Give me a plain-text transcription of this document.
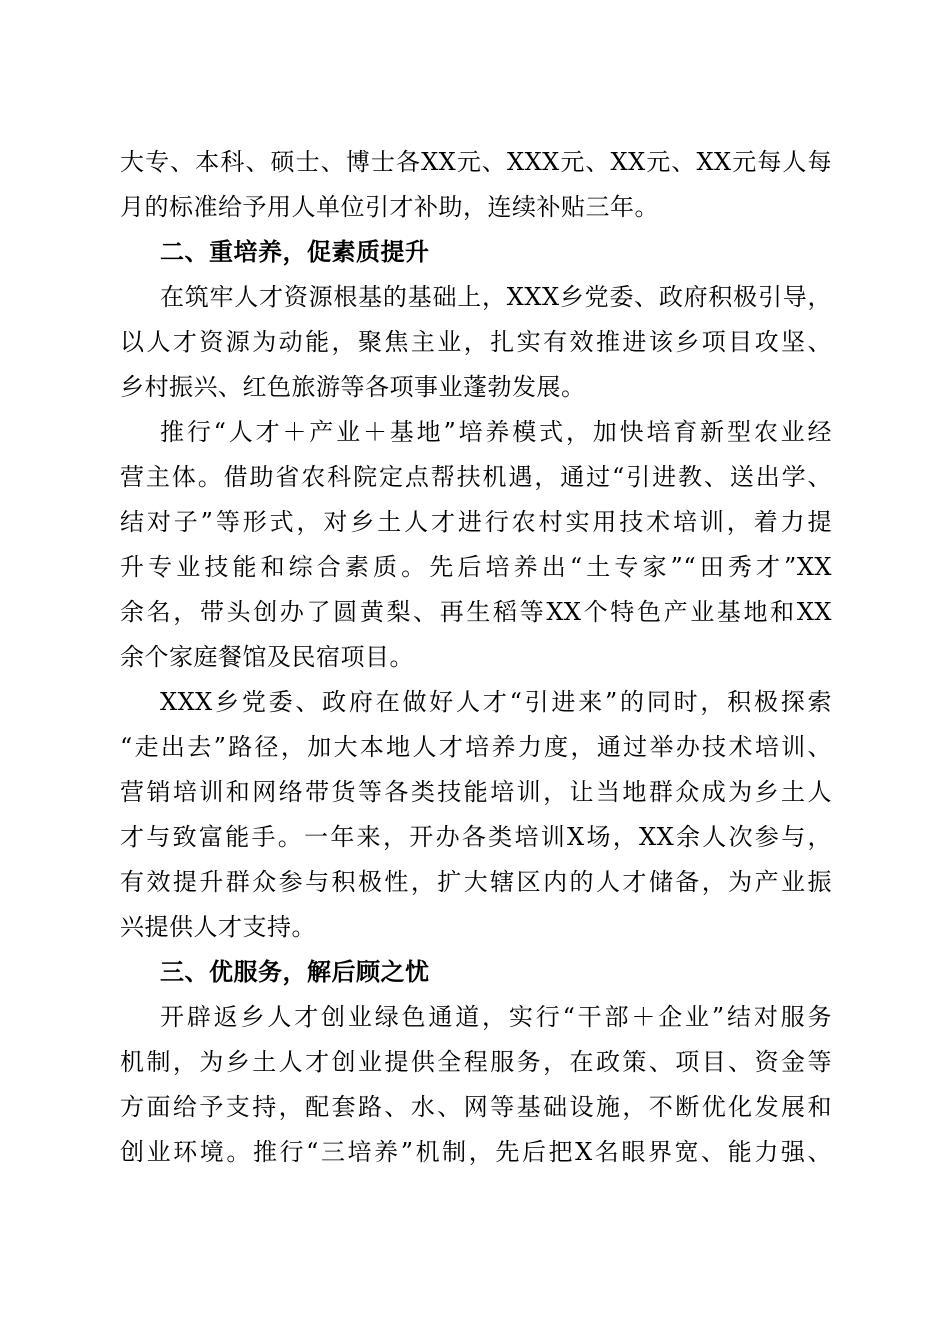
大专、本科、硕士、博士各XX元、XXX元、XX元、XX元每人每
月的标准给予用人单位引才补助，连续补贴三年。
二、重培养，促素质提升
在筑牢人才资源根基的基础上，XXX乡党委、政府积极引导，
以人才资源为动能，聚焦主业，扎实有效推进该乡项目攻坚、
乡村振兴、红色旅游等各项事业蓬勃发展。
推行“人才＋产业＋基地”培养模式，加快培育新型农业经
营主体。借助省农科院定点帮扶机遇，通过“引进教、送出学、
结对子”等形式，对乡土人才进行农村实用技术培训，着力提
升专业技能和综合素质。先后培养出“土专家”“田秀才”XX
余名，带头创办了圆黄梨、再生稻等XX个特色产业基地和XX
余个家庭餐馆及民宿项目。
XXX乡党委、政府在做好人才“引进来”的同时，积极探索
“走出去”路径，加大本地人才培养力度，通过举办技术培训、
营销培训和网络带货等各类技能培训，让当地群众成为乡土人
才与致富能手。一年来，开办各类培训X场，XX余人次参与，
有效提升群众参与积极性，扩大辖区内的人才储备，为产业振
兴提供人才支持。
三、优服务，解后顾之忧
开辟返乡人才创业绿色通道，实行“干部＋企业”结对服务
机制，为乡土人才创业提供全程服务，在政策、项目、资金等
方面给予支持，配套路、水、网等基础设施，不断优化发展和
创业环境。推行“三培养”机制，先后把X名眼界宽、能力强、
